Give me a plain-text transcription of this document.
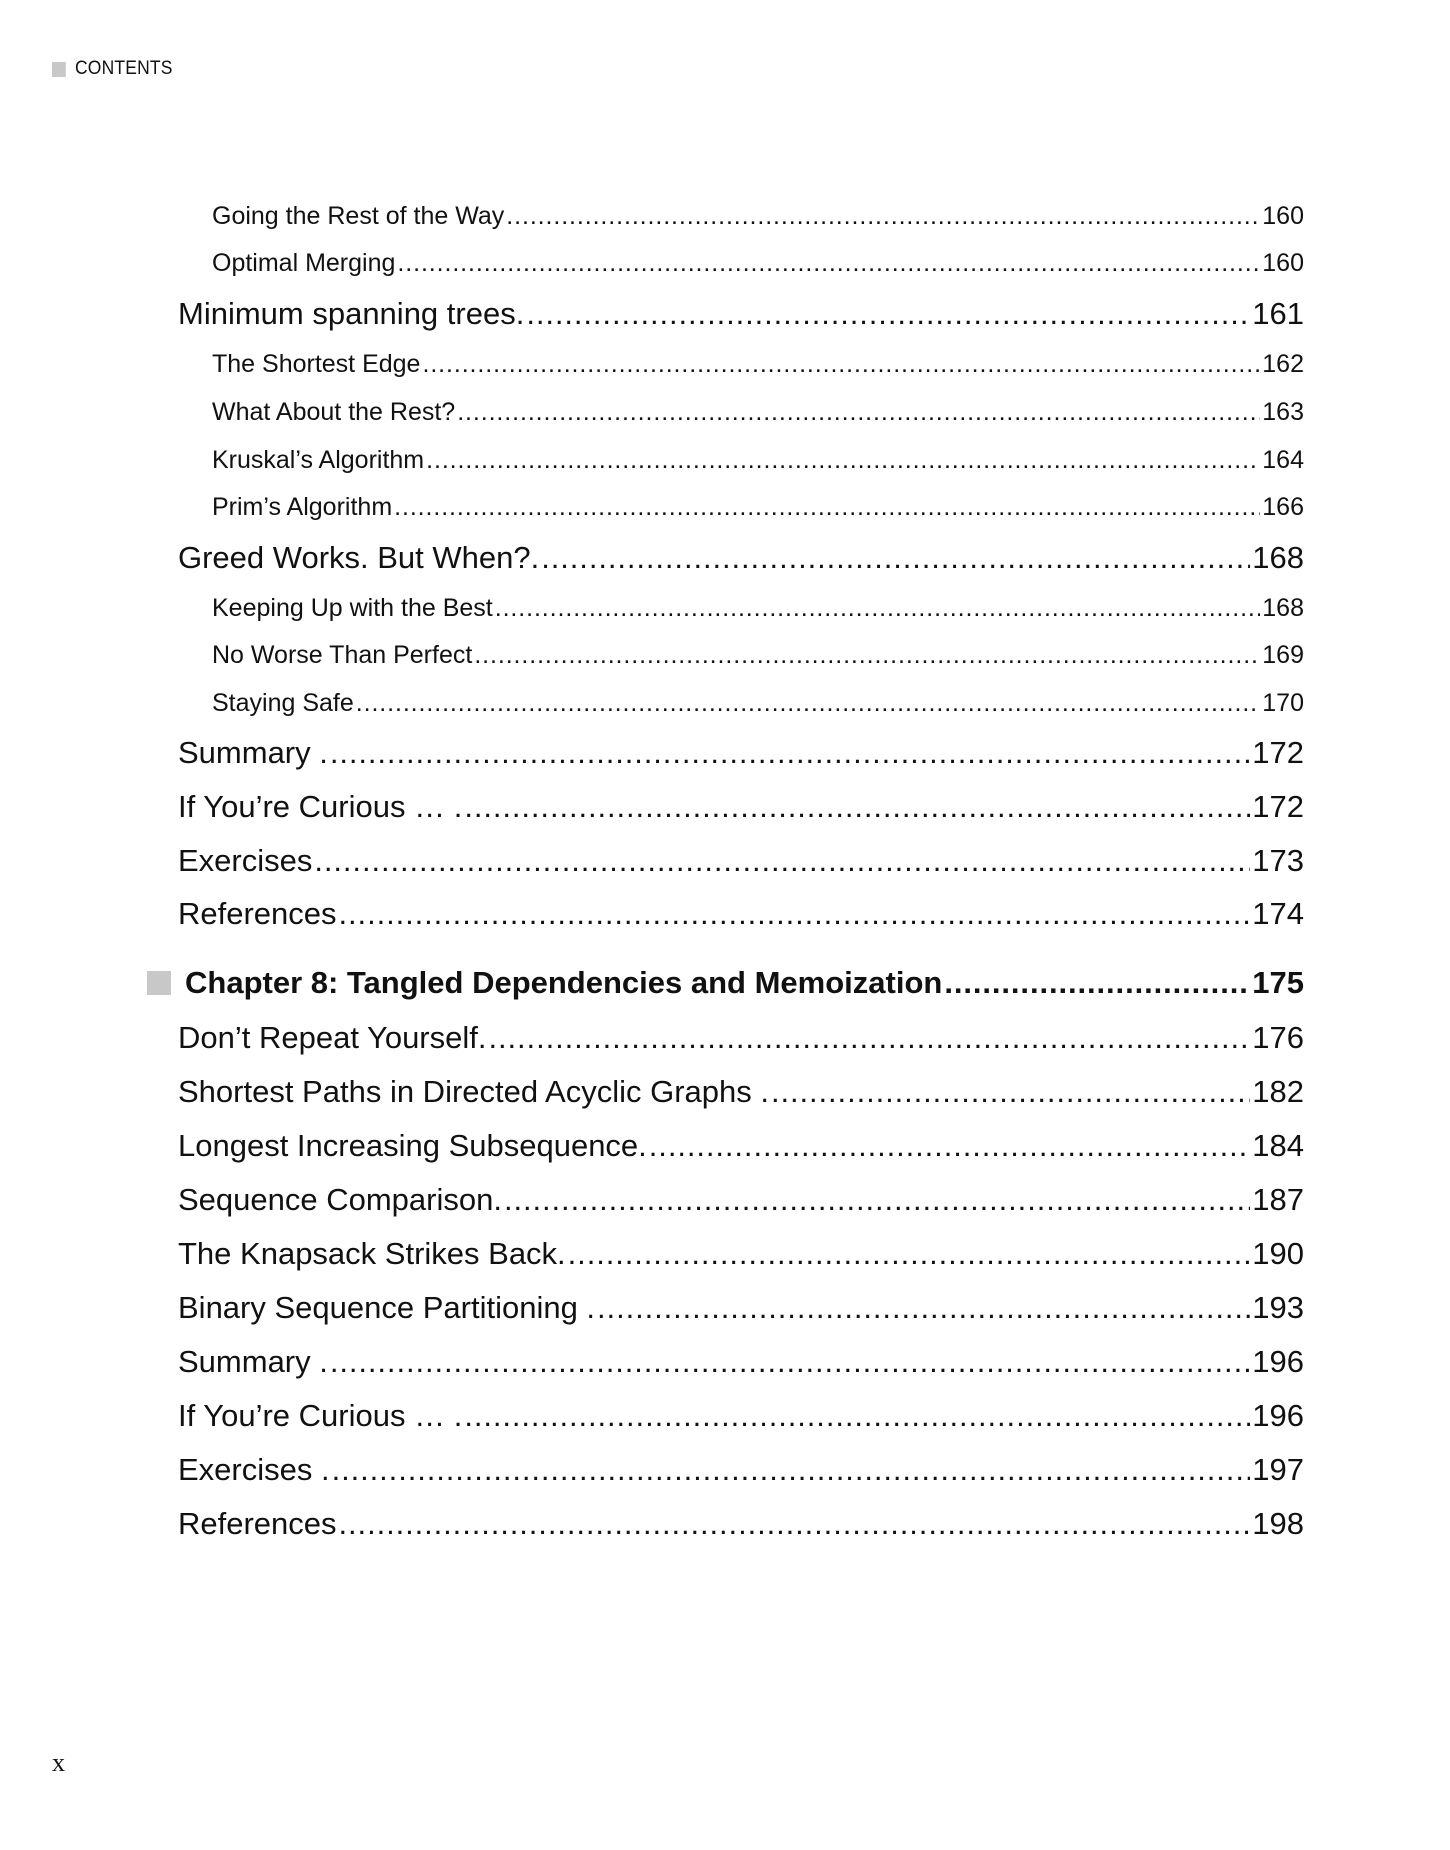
CONTENTS
Going the Rest of the Way .....	160
Optimal Merging .....	160
Minimum spanning trees. .....	161
The Shortest Edge .....	162
What About the Rest? .....	163
Kruskal’s Algorithm .....	164
Prim’s Algorithm .....	166
Greed Works. But When?. .....	168
Keeping Up with the Best .....	168
No Worse Than Perfect .....	169
Staying Safe .....	170
Summary . .....	172
If You’re Curious … . .....	172
Exercises .....	173
References .....	174
Chapter 8: Tangled Dependencies and Memoization .....	175
Don’t Repeat Yourself. .....	176
Shortest Paths in Directed Acyclic Graphs . .....	182
Longest Increasing Subsequence. .....	184
Sequence Comparison. .....	187
The Knapsack Strikes Back. .....	190
Binary Sequence Partitioning . .....	193
Summary . .....	196
If You’re Curious … . .....	196
Exercises . .....	197
References .....	198
x
